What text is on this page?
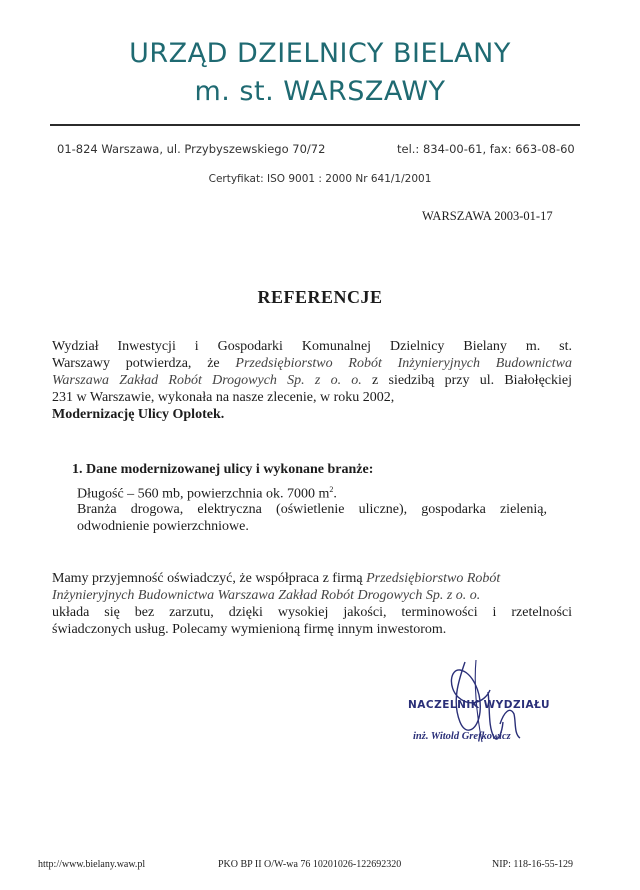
URZĄD DZIELNICY BIELANY
m. st. WARSZAWY
01-824 Warszawa, ul. Przybyszewskiego 70/72	tel.: 834-00-61, fax: 663-08-60
Certyfikat: ISO 9001 : 2000 Nr 641/1/2001
WARSZAWA 2003-01-17
REFERENCJE
Wydział Inwestycji i Gospodarki Komunalnej Dzielnicy Bielany m. st.
Warszawy potwierdza, że Przedsiębiorstwo Robót Inżynieryjnych Budownictwa
Warszawa Zakład Robót Drogowych Sp. z o. o. z siedzibą przy ul. Białołęckiej
231 w Warszawie, wykonała na nasze zlecenie, w roku 2002,
Modernizację Ulicy Oplotek.
1. Dane modernizowanej ulicy i wykonane branże:
Długość – 560 mb, powierzchnia ok. 7000 $m^2$.
Branża drogowa, elektryczna (oświetlenie uliczne), gospodarka zielenią,
odwodnienie powierzchniowe.
Mamy przyjemność oświadczyć, że współpraca z firmą Przedsiębiorstwo Robót
Inżynieryjnych Budownictwa Warszawa Zakład Robót Drogowych Sp. z o. o.
układa się bez zarzutu, dzięki wysokiej jakości, terminowości i rzetelności
świadczonych usług. Polecamy wymienioną firmę innym inwestorom.
NACZELNIK WYDZIAŁU
inż. Witold Grefkowicz
http://www.bielany.waw.pl	PKO BP II O/W-wa 76 10201026-122692320	NIP: 118-16-55-129
